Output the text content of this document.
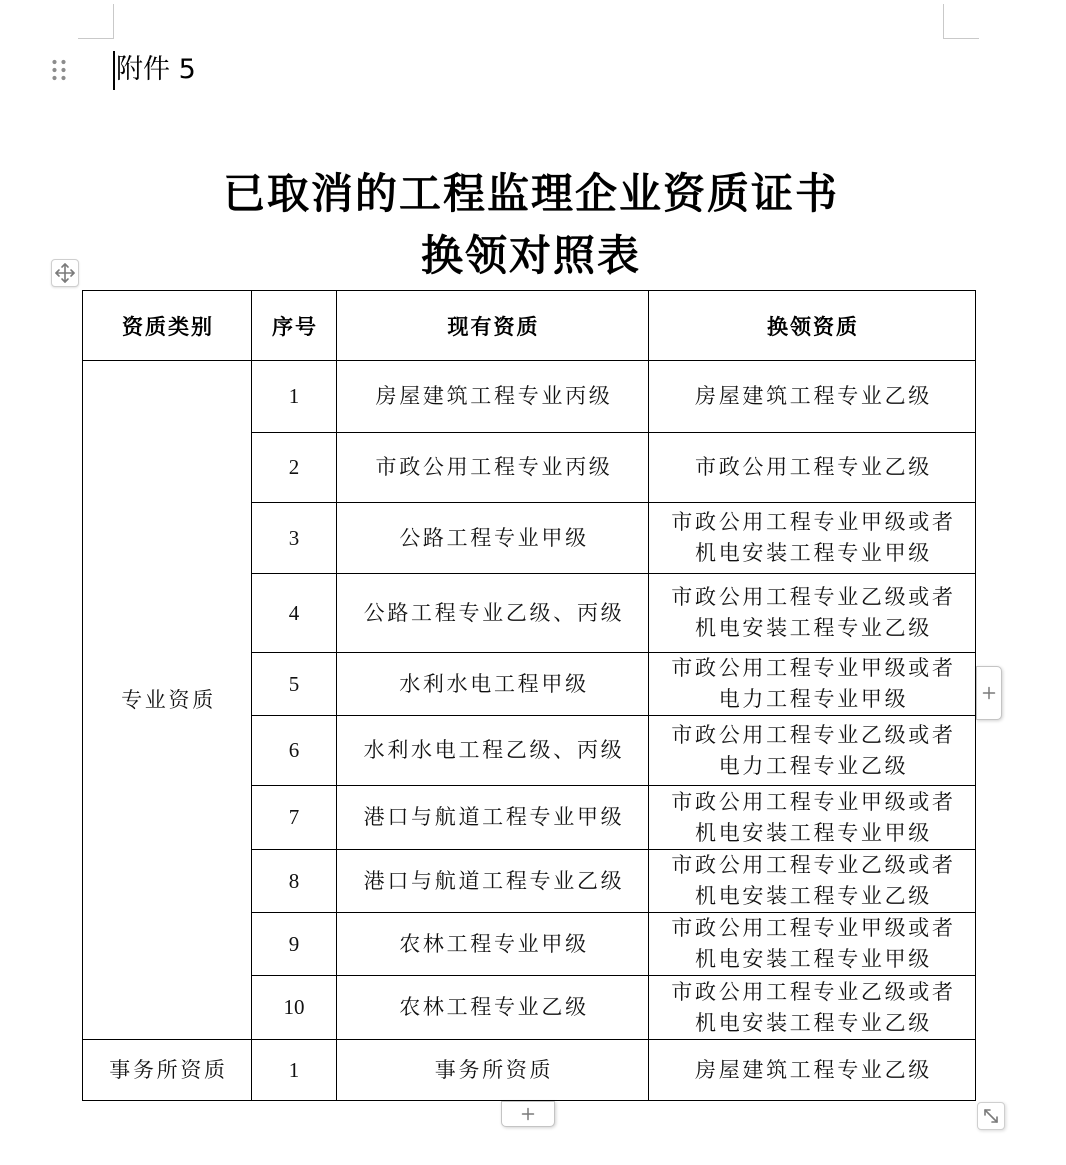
附件 5
已取消的工程监理企业资质证书
换领对照表
资质类别	序号	现有资质	换领资质
专业资质	1	房屋建筑工程专业丙级	房屋建筑工程专业乙级
	2	市政公用工程专业丙级	市政公用工程专业乙级
	3	公路工程专业甲级	市政公用工程专业甲级或者
机电安装工程专业甲级
	4	公路工程专业乙级、丙级	市政公用工程专业乙级或者
机电安装工程专业乙级
	5	水利水电工程甲级	市政公用工程专业甲级或者
电力工程专业甲级
	6	水利水电工程乙级、丙级	市政公用工程专业乙级或者
电力工程专业乙级
	7	港口与航道工程专业甲级	市政公用工程专业甲级或者
机电安装工程专业甲级
	8	港口与航道工程专业乙级	市政公用工程专业乙级或者
机电安装工程专业乙级
	9	农林工程专业甲级	市政公用工程专业甲级或者
机电安装工程专业甲级
	10	农林工程专业乙级	市政公用工程专业乙级或者
机电安装工程专业乙级
事务所资质	1	事务所资质	房屋建筑工程专业乙级
